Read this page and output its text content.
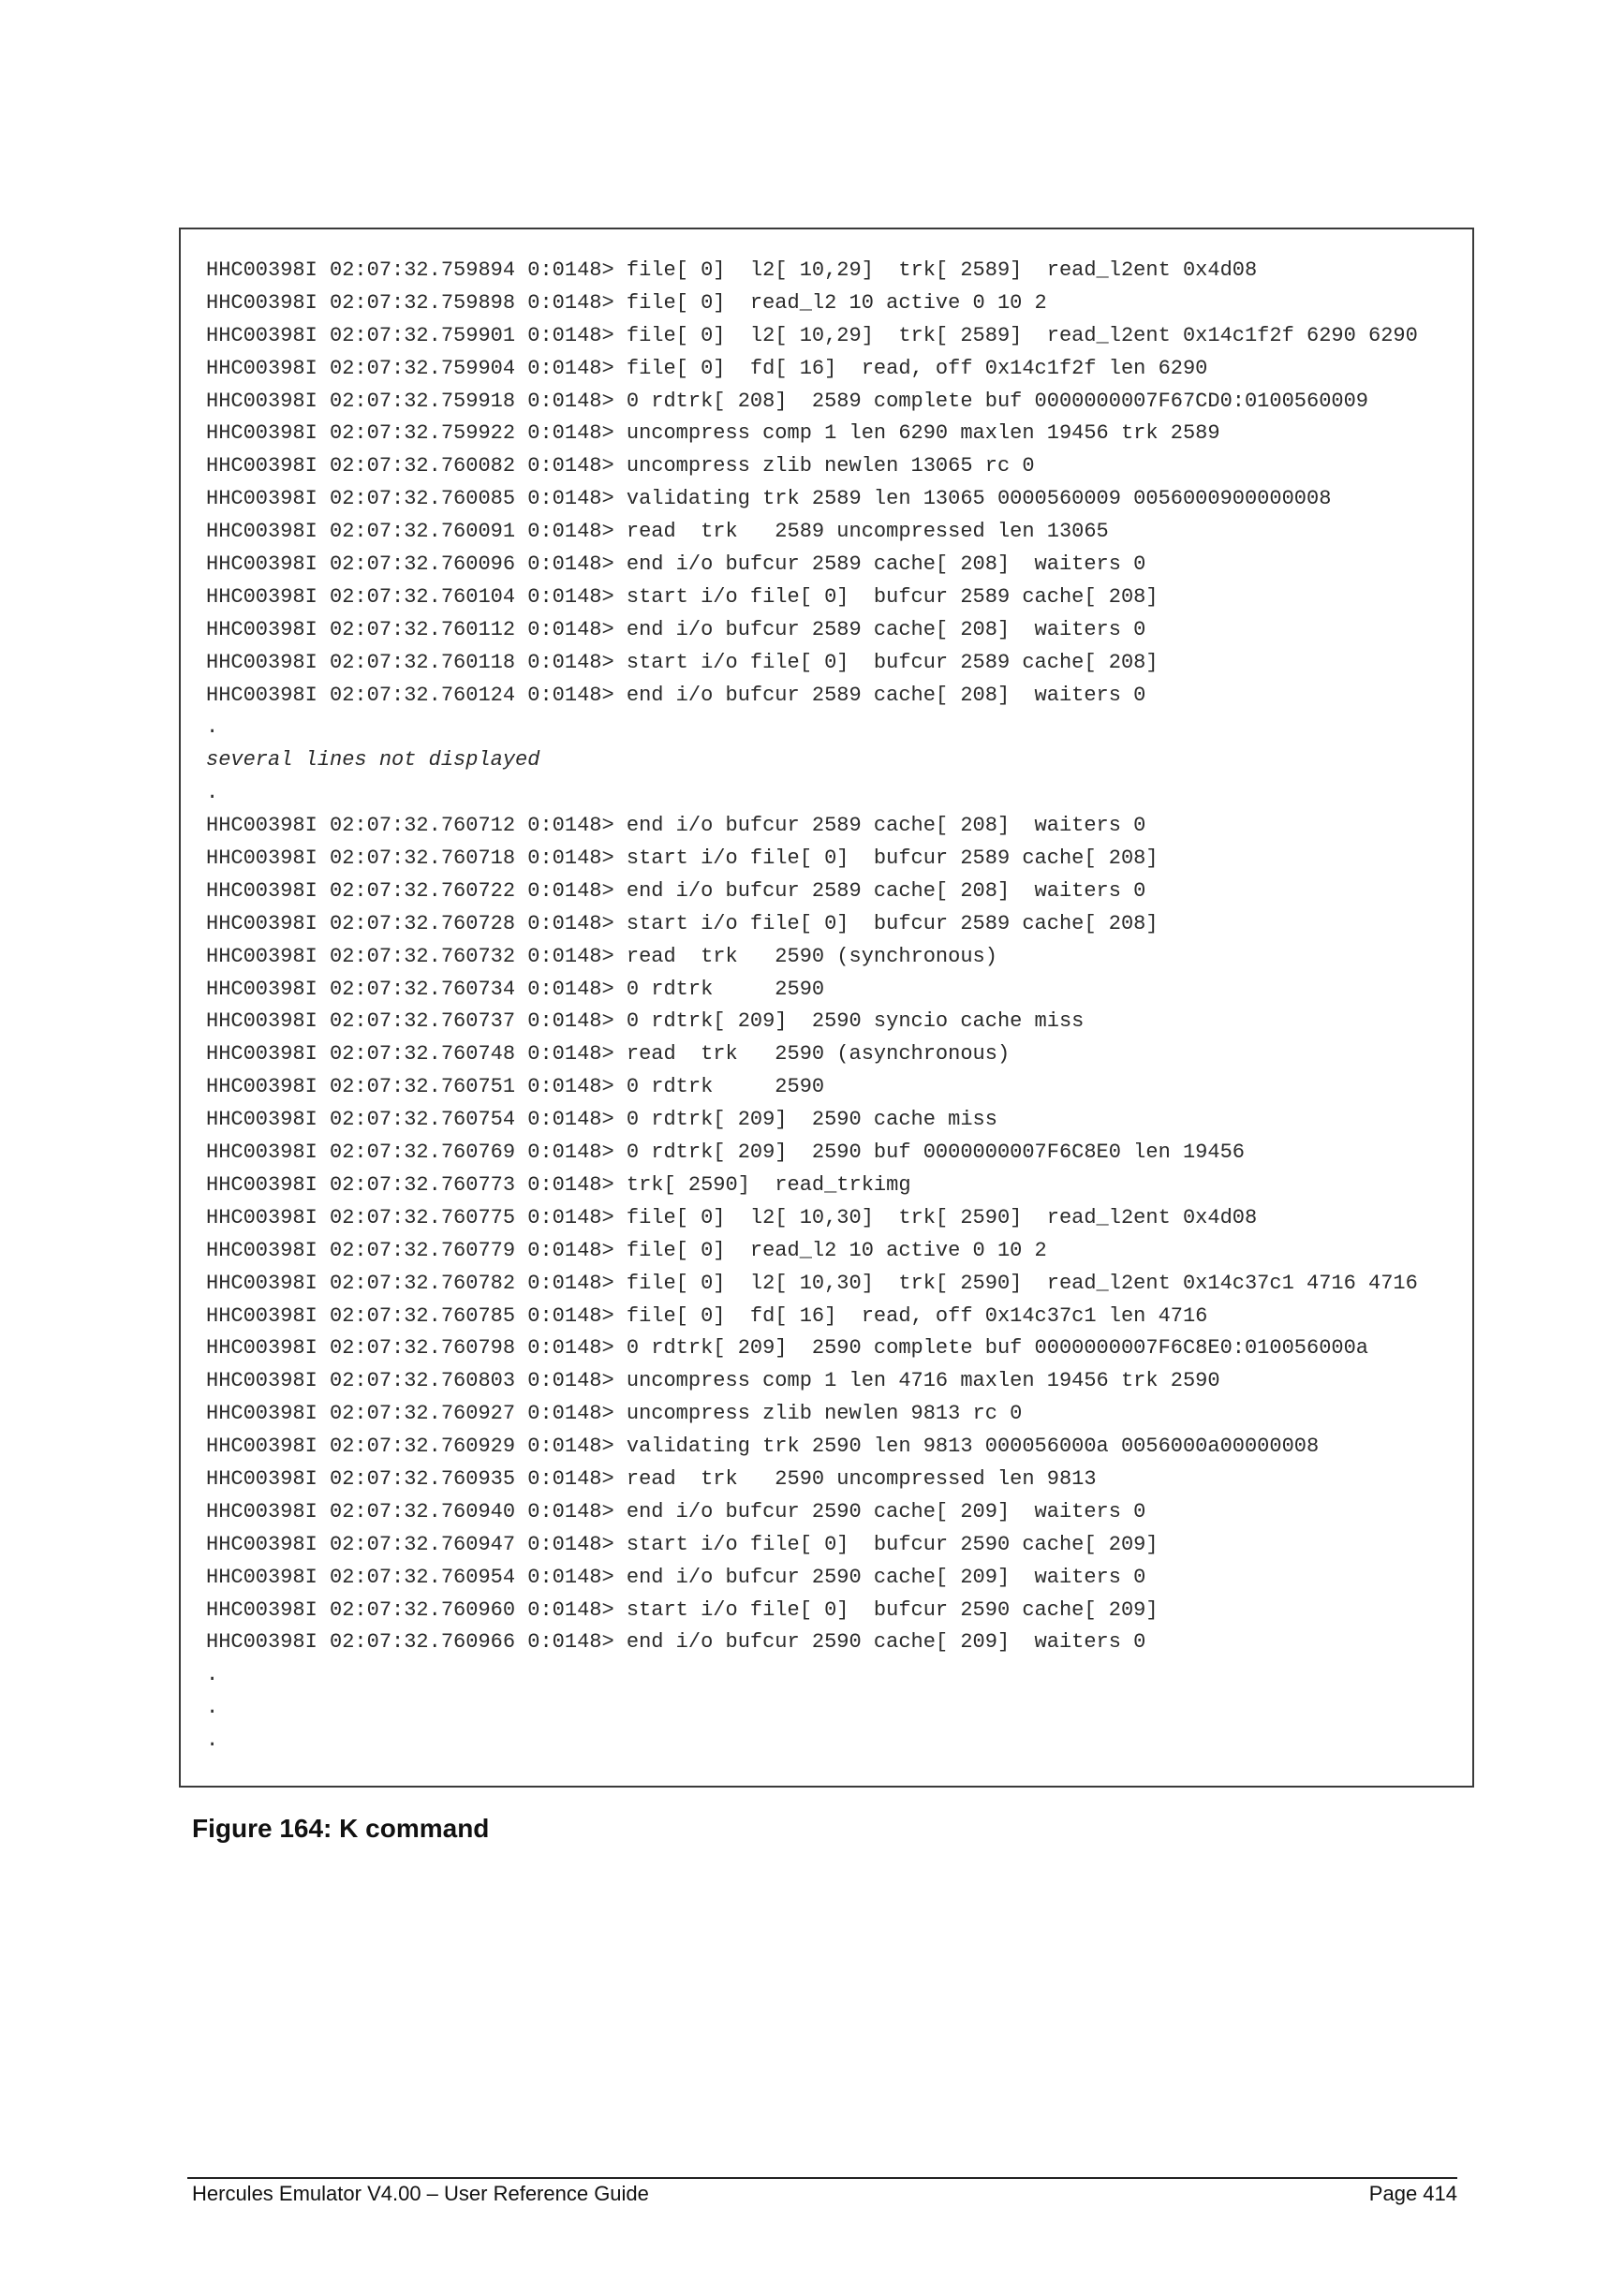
HHC00398I 02:07:32.759894 0:0148> file[ 0]  l2[ 10,29]  trk[ 2589]  read_l2ent 0x4d08
HHC00398I 02:07:32.759898 0:0148> file[ 0]  read_l2 10 active 0 10 2
HHC00398I 02:07:32.759901 0:0148> file[ 0]  l2[ 10,29]  trk[ 2589]  read_l2ent 0x14c1f2f 6290 6290
HHC00398I 02:07:32.759904 0:0148> file[ 0]  fd[ 16]  read, off 0x14c1f2f len 6290
HHC00398I 02:07:32.759918 0:0148> 0 rdtrk[ 208]  2589 complete buf 0000000007F67CD0:0100560009
HHC00398I 02:07:32.759922 0:0148> uncompress comp 1 len 6290 maxlen 19456 trk 2589
HHC00398I 02:07:32.760082 0:0148> uncompress zlib newlen 13065 rc 0
HHC00398I 02:07:32.760085 0:0148> validating trk 2589 len 13065 0000560009 0056000900000008
HHC00398I 02:07:32.760091 0:0148> read  trk   2589 uncompressed len 13065
HHC00398I 02:07:32.760096 0:0148> end i/o bufcur 2589 cache[ 208]  waiters 0
HHC00398I 02:07:32.760104 0:0148> start i/o file[ 0]  bufcur 2589 cache[ 208]
HHC00398I 02:07:32.760112 0:0148> end i/o bufcur 2589 cache[ 208]  waiters 0
HHC00398I 02:07:32.760118 0:0148> start i/o file[ 0]  bufcur 2589 cache[ 208]
HHC00398I 02:07:32.760124 0:0148> end i/o bufcur 2589 cache[ 208]  waiters 0
.
several lines not displayed
.
HHC00398I 02:07:32.760712 0:0148> end i/o bufcur 2589 cache[ 208]  waiters 0
HHC00398I 02:07:32.760718 0:0148> start i/o file[ 0]  bufcur 2589 cache[ 208]
HHC00398I 02:07:32.760722 0:0148> end i/o bufcur 2589 cache[ 208]  waiters 0
HHC00398I 02:07:32.760728 0:0148> start i/o file[ 0]  bufcur 2589 cache[ 208]
HHC00398I 02:07:32.760732 0:0148> read  trk   2590 (synchronous)
HHC00398I 02:07:32.760734 0:0148> 0 rdtrk     2590
HHC00398I 02:07:32.760737 0:0148> 0 rdtrk[ 209]  2590 syncio cache miss
HHC00398I 02:07:32.760748 0:0148> read  trk   2590 (asynchronous)
HHC00398I 02:07:32.760751 0:0148> 0 rdtrk     2590
HHC00398I 02:07:32.760754 0:0148> 0 rdtrk[ 209]  2590 cache miss
HHC00398I 02:07:32.760769 0:0148> 0 rdtrk[ 209]  2590 buf 0000000007F6C8E0 len 19456
HHC00398I 02:07:32.760773 0:0148> trk[ 2590]  read_trkimg
HHC00398I 02:07:32.760775 0:0148> file[ 0]  l2[ 10,30]  trk[ 2590]  read_l2ent 0x4d08
HHC00398I 02:07:32.760779 0:0148> file[ 0]  read_l2 10 active 0 10 2
HHC00398I 02:07:32.760782 0:0148> file[ 0]  l2[ 10,30]  trk[ 2590]  read_l2ent 0x14c37c1 4716 4716
HHC00398I 02:07:32.760785 0:0148> file[ 0]  fd[ 16]  read, off 0x14c37c1 len 4716
HHC00398I 02:07:32.760798 0:0148> 0 rdtrk[ 209]  2590 complete buf 0000000007F6C8E0:010056000a
HHC00398I 02:07:32.760803 0:0148> uncompress comp 1 len 4716 maxlen 19456 trk 2590
HHC00398I 02:07:32.760927 0:0148> uncompress zlib newlen 9813 rc 0
HHC00398I 02:07:32.760929 0:0148> validating trk 2590 len 9813 000056000a 0056000a00000008
HHC00398I 02:07:32.760935 0:0148> read  trk   2590 uncompressed len 9813
HHC00398I 02:07:32.760940 0:0148> end i/o bufcur 2590 cache[ 209]  waiters 0
HHC00398I 02:07:32.760947 0:0148> start i/o file[ 0]  bufcur 2590 cache[ 209]
HHC00398I 02:07:32.760954 0:0148> end i/o bufcur 2590 cache[ 209]  waiters 0
HHC00398I 02:07:32.760960 0:0148> start i/o file[ 0]  bufcur 2590 cache[ 209]
HHC00398I 02:07:32.760966 0:0148> end i/o bufcur 2590 cache[ 209]  waiters 0
.
.
.

Figure 164: K command

Hercules Emulator V4.00 – User Reference Guide	Page 414
